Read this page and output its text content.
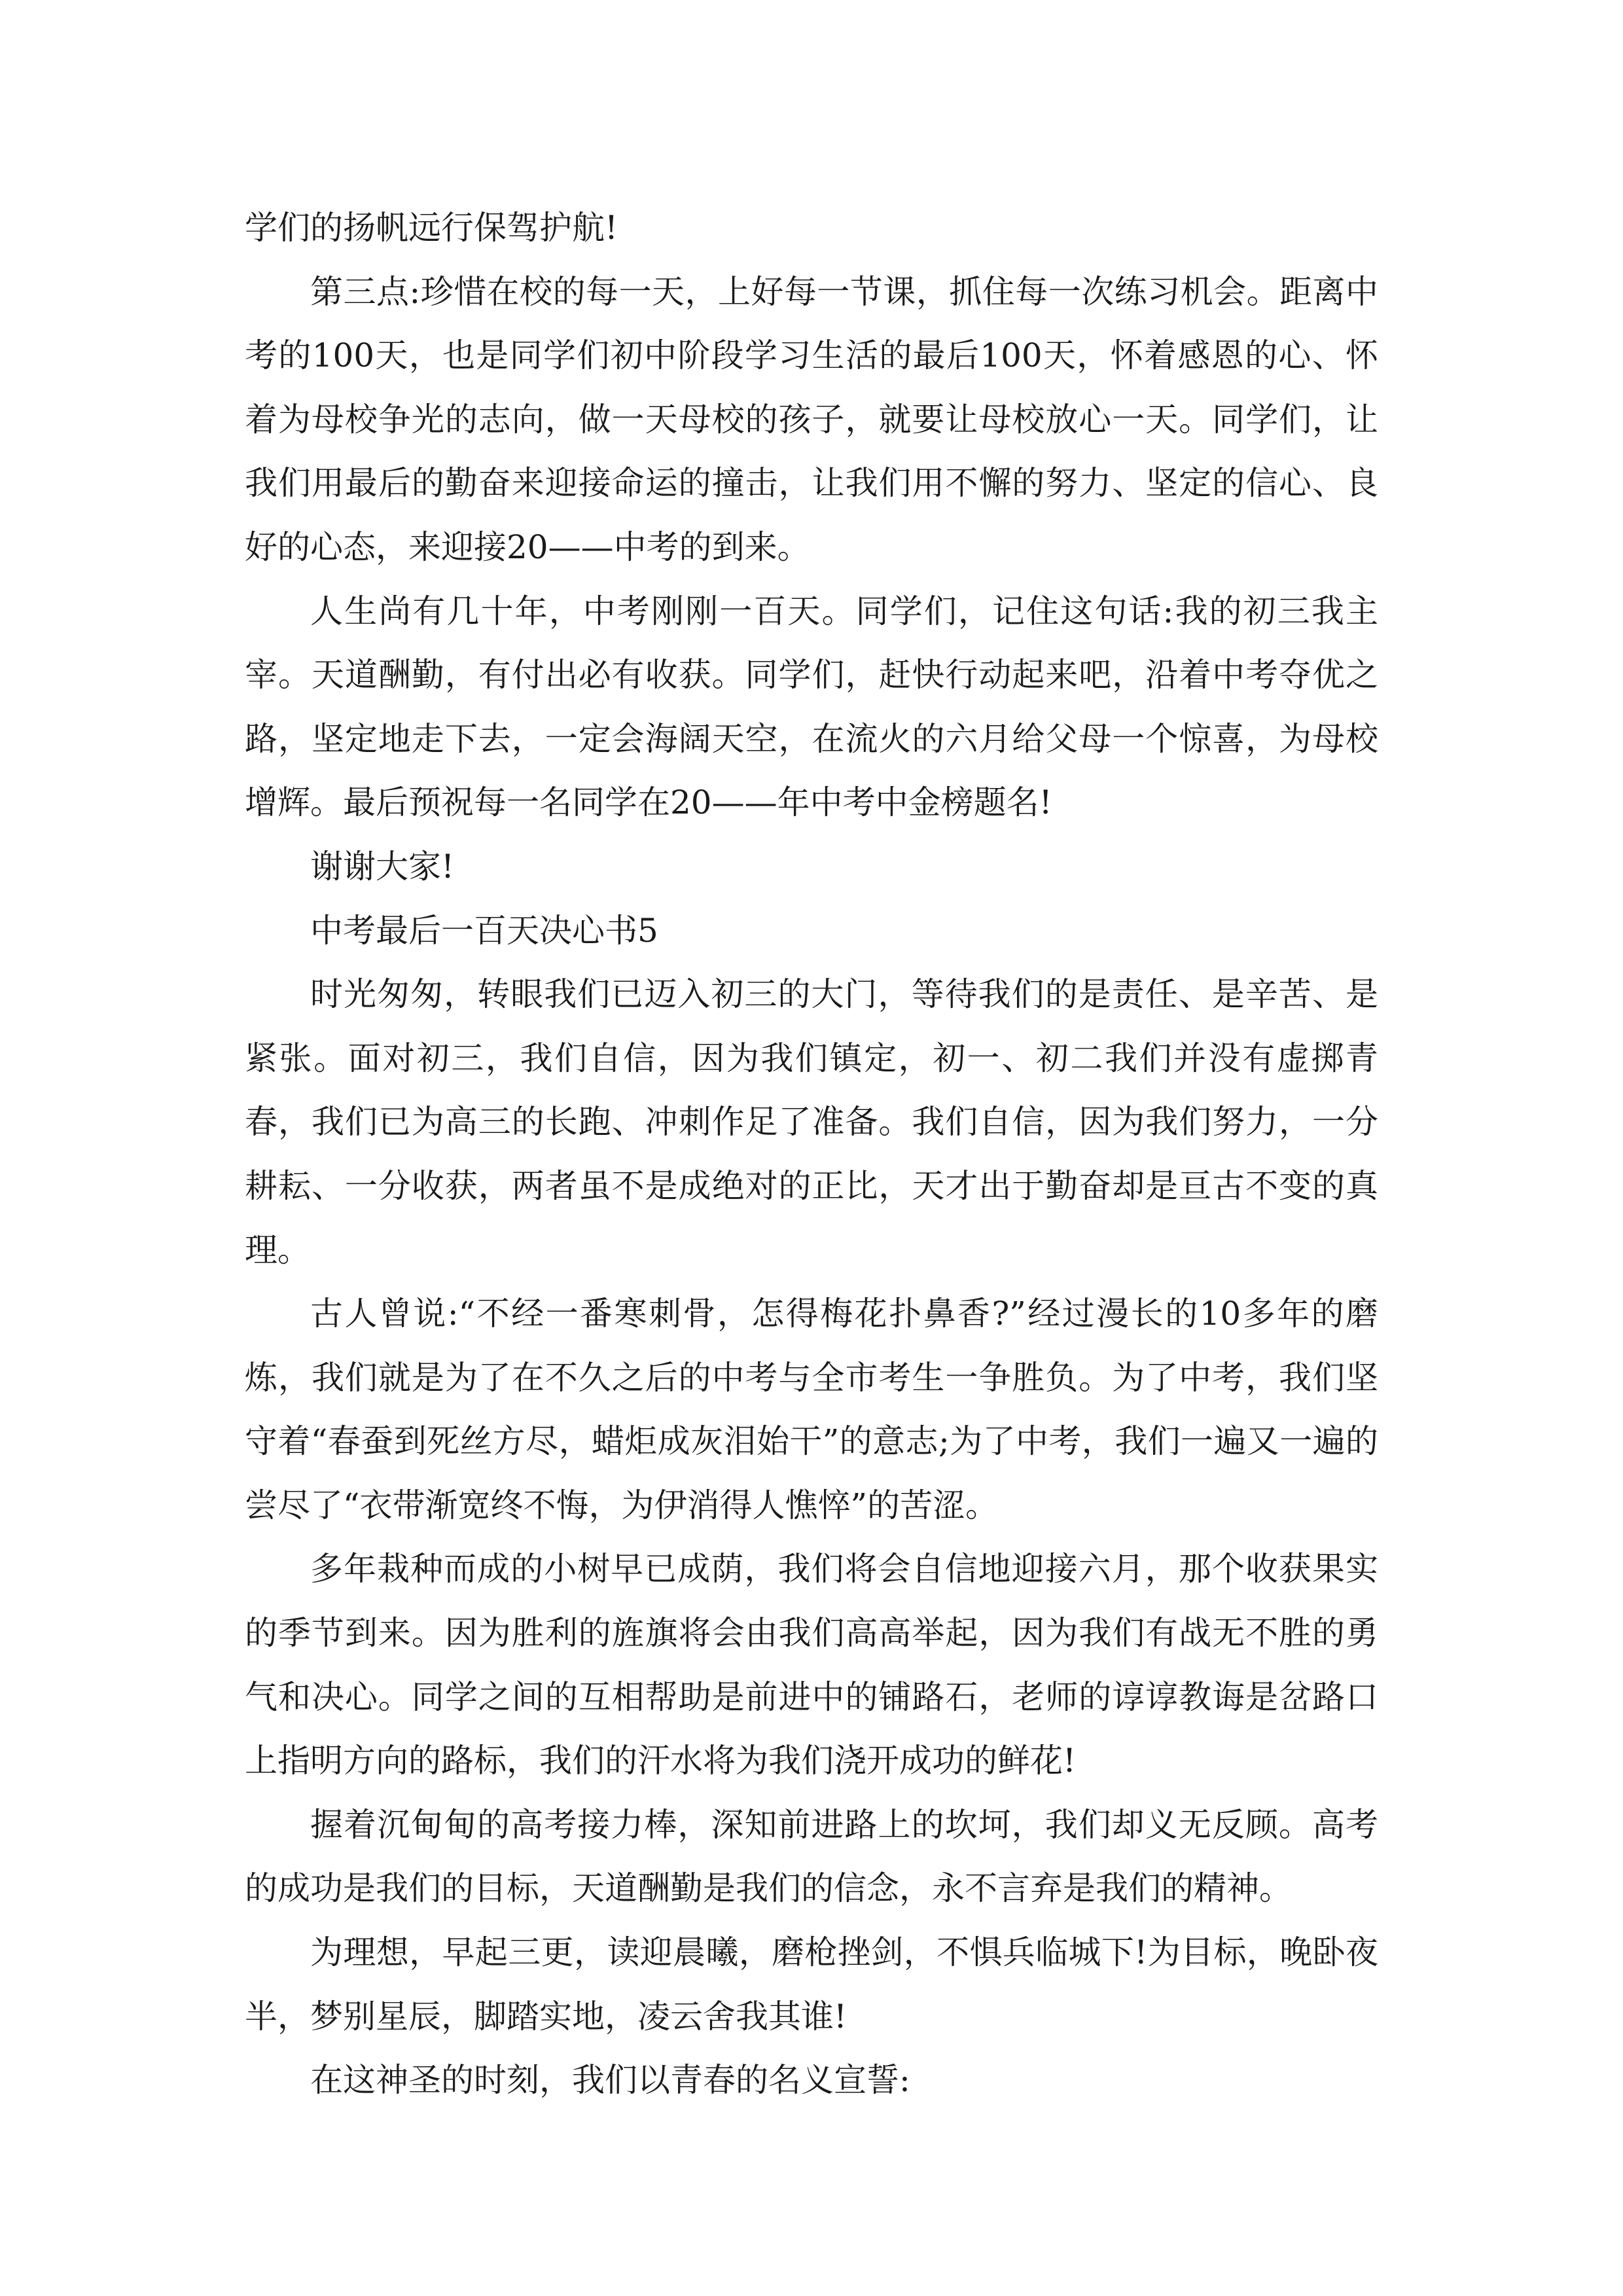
学们的扬帆远行保驾护航!

第三点:珍惜在校的每一天，上好每一节课，抓住每一次练习机会。距离中考的100天，也是同学们初中阶段学习生活的最后100天，怀着感恩的心、怀着为母校争光的志向，做一天母校的孩子，就要让母校放心一天。同学们，让我们用最后的勤奋来迎接命运的撞击，让我们用不懈的努力、坚定的信心、良好的心态，来迎接20——中考的到来。

人生尚有几十年，中考刚刚一百天。同学们，记住这句话:我的初三我主宰。天道酬勤，有付出必有收获。同学们，赶快行动起来吧，沿着中考夺优之路，坚定地走下去，一定会海阔天空，在流火的六月给父母一个惊喜，为母校增辉。最后预祝每一名同学在20——年中考中金榜题名!

谢谢大家!

中考最后一百天决心书5

时光匆匆，转眼我们已迈入初三的大门，等待我们的是责任、是辛苦、是紧张。面对初三，我们自信，因为我们镇定，初一、初二我们并没有虚掷青春，我们已为高三的长跑、冲刺作足了准备。我们自信，因为我们努力，一分耕耘、一分收获，两者虽不是成绝对的正比，天才出于勤奋却是亘古不变的真理。

古人曾说:“不经一番寒刺骨，怎得梅花扑鼻香?”经过漫长的10多年的磨炼，我们就是为了在不久之后的中考与全市考生一争胜负。为了中考，我们坚守着“春蚕到死丝方尽，蜡炬成灰泪始干”的意志;为了中考，我们一遍又一遍的尝尽了“衣带渐宽终不悔，为伊消得人憔悴”的苦涩。

多年栽种而成的小树早已成荫，我们将会自信地迎接六月，那个收获果实的季节到来。因为胜利的旌旗将会由我们高高举起，因为我们有战无不胜的勇气和决心。同学之间的互相帮助是前进中的铺路石，老师的谆谆教诲是岔路口上指明方向的路标，我们的汗水将为我们浇开成功的鲜花!

握着沉甸甸的高考接力棒，深知前进路上的坎坷，我们却义无反顾。高考的成功是我们的目标，天道酬勤是我们的信念，永不言弃是我们的精神。

为理想，早起三更，读迎晨曦，磨枪挫剑，不惧兵临城下!为目标，晚卧夜半，梦别星辰，脚踏实地，凌云舍我其谁!

在这神圣的时刻，我们以青春的名义宣誓:
